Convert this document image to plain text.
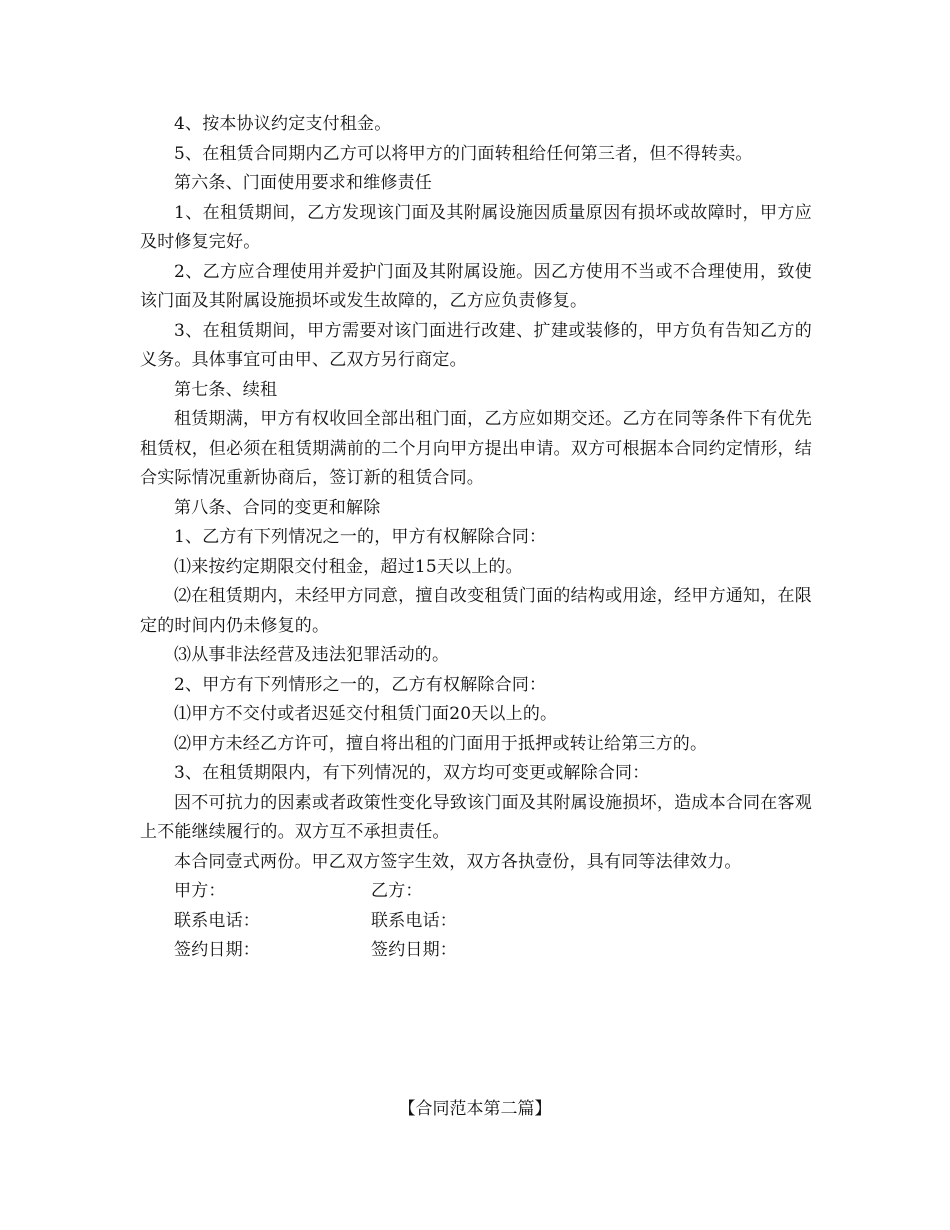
4、按本协议约定支付租金。

5、在租赁合同期内乙方可以将甲方的门面转租给任何第三者，但不得转卖。

第六条、门面使用要求和维修责任

1、在租赁期间，乙方发现该门面及其附属设施因质量原因有损坏或故障时，甲方应及时修复完好。

2、乙方应合理使用并爱护门面及其附属设施。因乙方使用不当或不合理使用，致使该门面及其附属设施损坏或发生故障的，乙方应负责修复。

3、在租赁期间，甲方需要对该门面进行改建、扩建或装修的，甲方负有告知乙方的义务。具体事宜可由甲、乙双方另行商定。

第七条、续租

租赁期满，甲方有权收回全部出租门面，乙方应如期交还。乙方在同等条件下有优先租赁权，但必须在租赁期满前的二个月向甲方提出申请。双方可根据本合同约定情形，结合实际情况重新协商后，签订新的租赁合同。

第八条、合同的变更和解除

1、乙方有下列情况之一的，甲方有权解除合同：

⑴来按约定期限交付租金，超过15天以上的。

⑵在租赁期内，未经甲方同意，擅自改变租赁门面的结构或用途，经甲方通知，在限定的时间内仍未修复的。

⑶从事非法经营及违法犯罪活动的。

2、甲方有下列情形之一的，乙方有权解除合同：

⑴甲方不交付或者迟延交付租赁门面20天以上的。

⑵甲方未经乙方许可，擅自将出租的门面用于抵押或转让给第三方的。

3、在租赁期限内，有下列情况的，双方均可变更或解除合同：

因不可抗力的因素或者政策性变化导致该门面及其附属设施损坏，造成本合同在客观上不能继续履行的。双方互不承担责任。

本合同壹式两份。甲乙双方签字生效，双方各执壹份，具有同等法律效力。

甲方：	乙方：
联系电话：	联系电话：
签约日期：	签约日期：
【合同范本第二篇】
